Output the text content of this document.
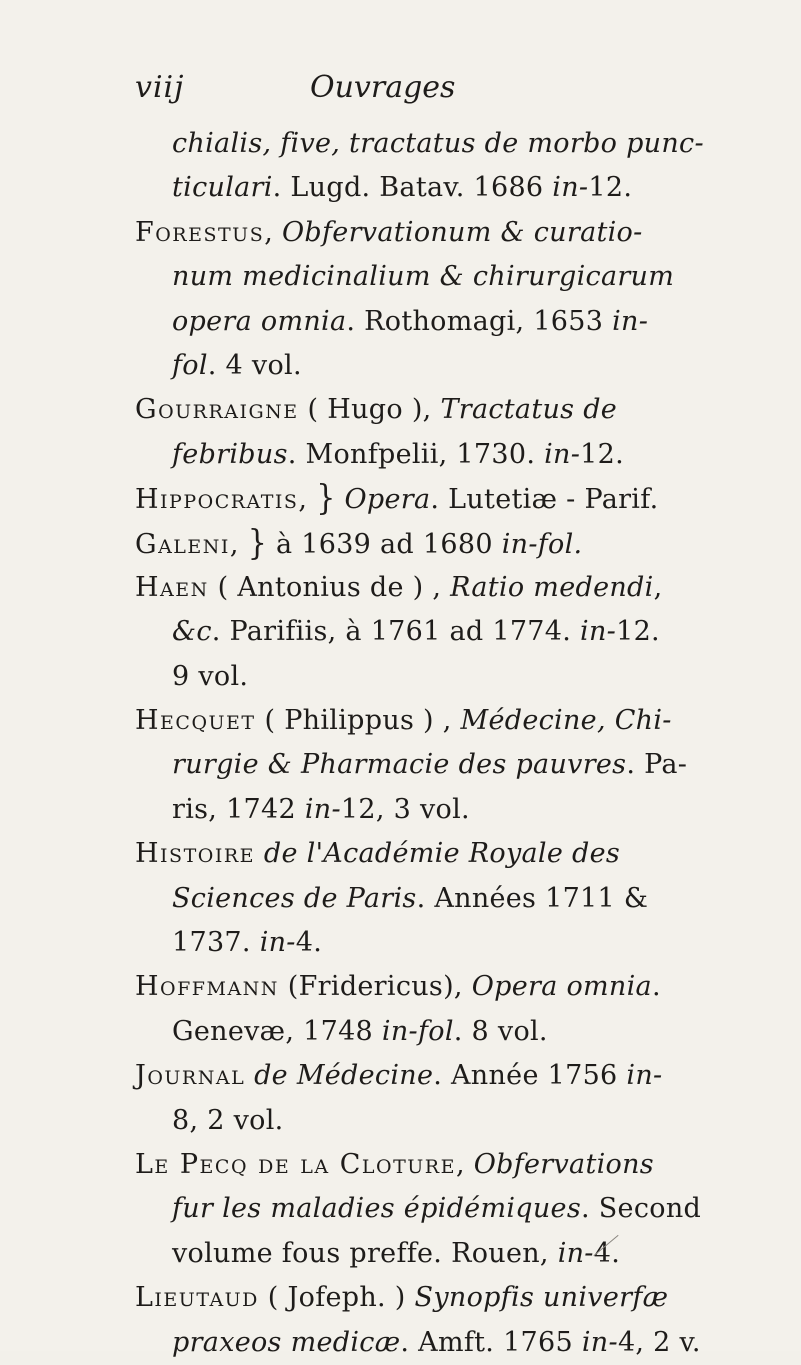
viij	Ouvrages
chialis, five, tractatus de morbo punc-
ticulari. Lugd. Batav. 1686 in-12.
Forestus, Obfervationum & curatio-
num medicinalium & chirurgicarum
opera omnia. Rothomagi, 1653 in-
fol. 4 vol.
Gourraigne ( Hugo ), Tractatus de
febribus. Monfpelii, 1730. in-12.
Hippocratis, } Opera. Lutetiæ - Parif.
Galeni, } à 1639 ad 1680 in-fol.
Haen ( Antonius de ) , Ratio medendi,
&c. Parifiis, à 1761 ad 1774. in-12.
9 vol.
Hecquet ( Philippus ) , Médecine, Chi-
rurgie & Pharmacie des pauvres. Pa-
ris, 1742 in-12, 3 vol.
Histoire de l'Académie Royale des
Sciences de Paris. Années 1711 &
1737. in-4.
Hoffmann (Fridericus), Opera omnia.
Genevæ, 1748 in-fol. 8 vol.
Journal de Médecine. Année 1756 in-
8, 2 vol.
Le Pecq de la Cloture, Obfervations
fur les maladies épidémiques. Second
volume fous preffe. Rouen, in-4.
Lieutaud ( Jofeph. ) Synopfis univerfæ
praxeos medicæ. Amft. 1765 in-4, 2 v.
